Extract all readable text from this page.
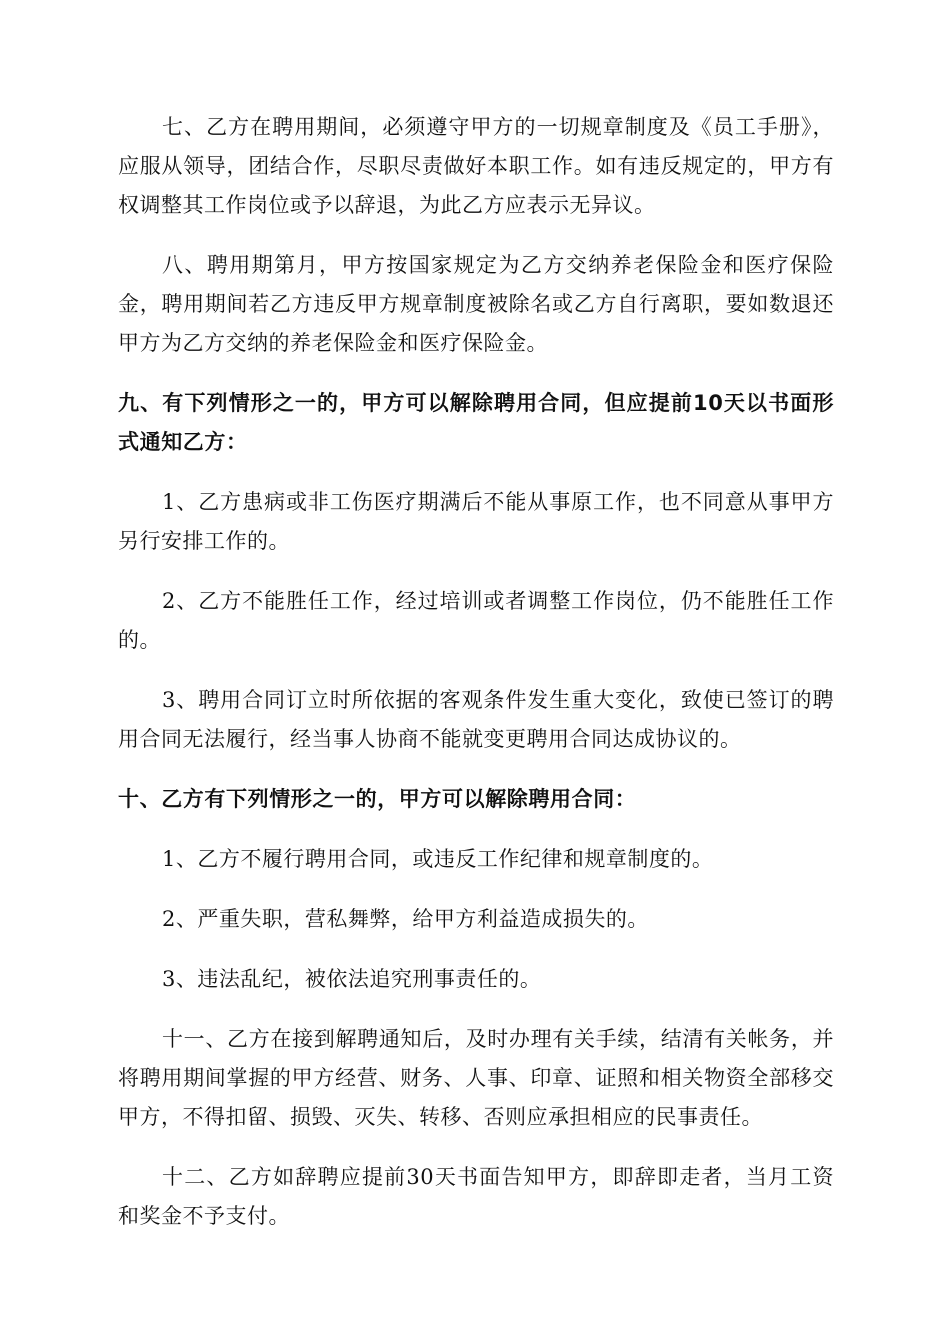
七、乙方在聘用期间，必须遵守甲方的一切规章制度及《员工手册》，应服从领导，团结合作，尽职尽责做好本职工作。如有违反规定的，甲方有权调整其工作岗位或予以辞退，为此乙方应表示无异议。

八、聘用期第月，甲方按国家规定为乙方交纳养老保险金和医疗保险金，聘用期间若乙方违反甲方规章制度被除名或乙方自行离职，要如数退还甲方为乙方交纳的养老保险金和医疗保险金。

九、有下列情形之一的，甲方可以解除聘用合同，但应提前10天以书面形式通知乙方：

1、乙方患病或非工伤医疗期满后不能从事原工作，也不同意从事甲方另行安排工作的。

2、乙方不能胜任工作，经过培训或者调整工作岗位，仍不能胜任工作的。

3、聘用合同订立时所依据的客观条件发生重大变化，致使已签订的聘用合同无法履行，经当事人协商不能就变更聘用合同达成协议的。

十、乙方有下列情形之一的，甲方可以解除聘用合同：

1、乙方不履行聘用合同，或违反工作纪律和规章制度的。

2、严重失职，营私舞弊，给甲方利益造成损失的。

3、违法乱纪，被依法追究刑事责任的。

十一、乙方在接到解聘通知后，及时办理有关手续，结清有关帐务，并将聘用期间掌握的甲方经营、财务、人事、印章、证照和相关物资全部移交甲方，不得扣留、损毁、灭失、转移、否则应承担相应的民事责任。

十二、乙方如辞聘应提前30天书面告知甲方，即辞即走者，当月工资和奖金不予支付。
